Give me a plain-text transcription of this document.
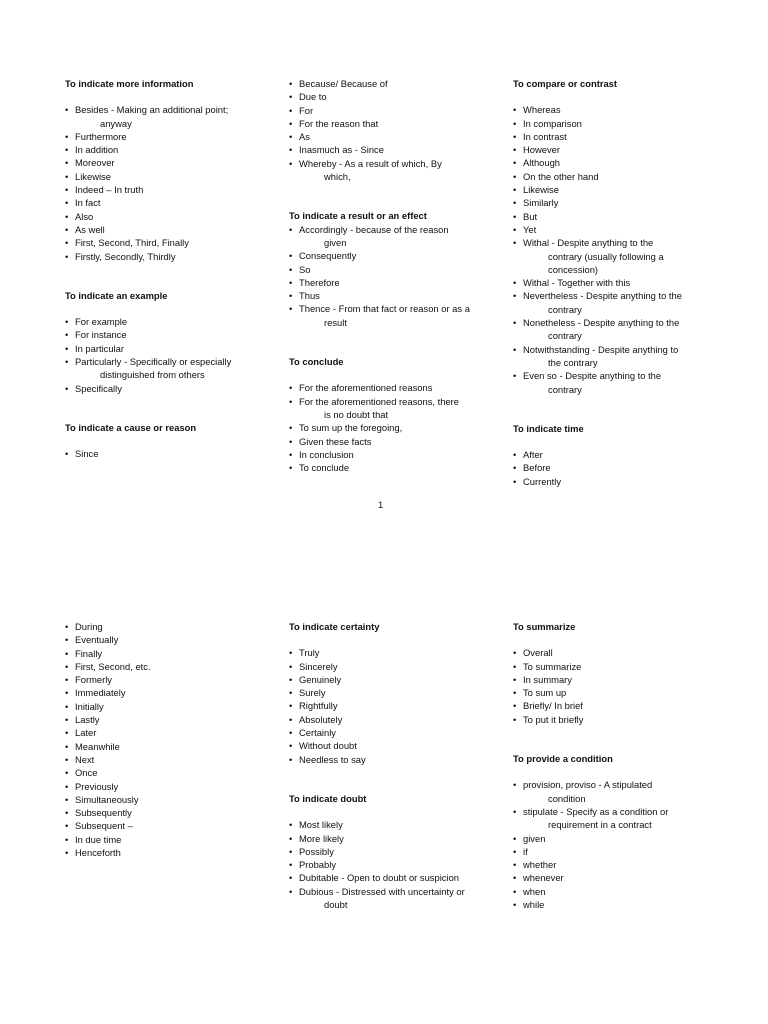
To indicate more information
• Besides - Making an additional point;
anyway
• Furthermore
• In addition
• Moreover
• Likewise
• Indeed – In truth
• In fact
• Also
• As well
• First, Second, Third, Finally
• Firstly, Secondly, Thirdly
To indicate an example
• For example
• For instance
• In particular
• Particularly - Specifically or especially
distinguished from others
• Specifically
To indicate a cause or reason
• Since
• Because/ Because of
• Due to
• For
• For the reason that
• As
• Inasmuch as - Since
• Whereby - As a result of which, By
which,
To indicate a result or an effect
• Accordingly - because of the reason
given
• Consequently
• So
• Therefore
• Thus
• Thence - From that fact or reason or as a
result
To conclude
• For the aforementioned reasons
• For the aforementioned reasons, there
is no doubt that
• To sum up the foregoing,
• Given these facts
• In conclusion
• To conclude
To compare or contrast
• Whereas
• In comparison
• In contrast
• However
• Although
• On the other hand
• Likewise
• Similarly
• But
• Yet
• Withal - Despite anything to the
contrary (usually following a
concession)
• Withal - Together with this
• Nevertheless - Despite anything to the
contrary
• Nonetheless - Despite anything to the
contrary
• Notwithstanding - Despite anything to
the contrary
• Even so - Despite anything to the
contrary
To indicate time
• After
• Before
• Currently
1
• During
• Eventually
• Finally
• First, Second, etc.
• Formerly
• Immediately
• Initially
• Lastly
• Later
• Meanwhile
• Next
• Once
• Previously
• Simultaneously
• Subsequently
• Subsequent –
• In due time
• Henceforth
To indicate certainty
• Truly
• Sincerely
• Genuinely
• Surely
• Rightfully
• Absolutely
• Certainly
• Without doubt
• Needless to say
To indicate doubt
• Most likely
• More likely
• Possibly
• Probably
• Dubitable - Open to doubt or suspicion
• Dubious - Distressed with uncertainty or
doubt
To summarize
• Overall
• To summarize
• In summary
• To sum up
• Briefly/ In brief
• To put it briefly
To provide a condition
• provision, proviso - A stipulated
condition
• stipulate - Specify as a condition or
requirement in a contract
• given
• if
• whether
• whenever
• when
• while
